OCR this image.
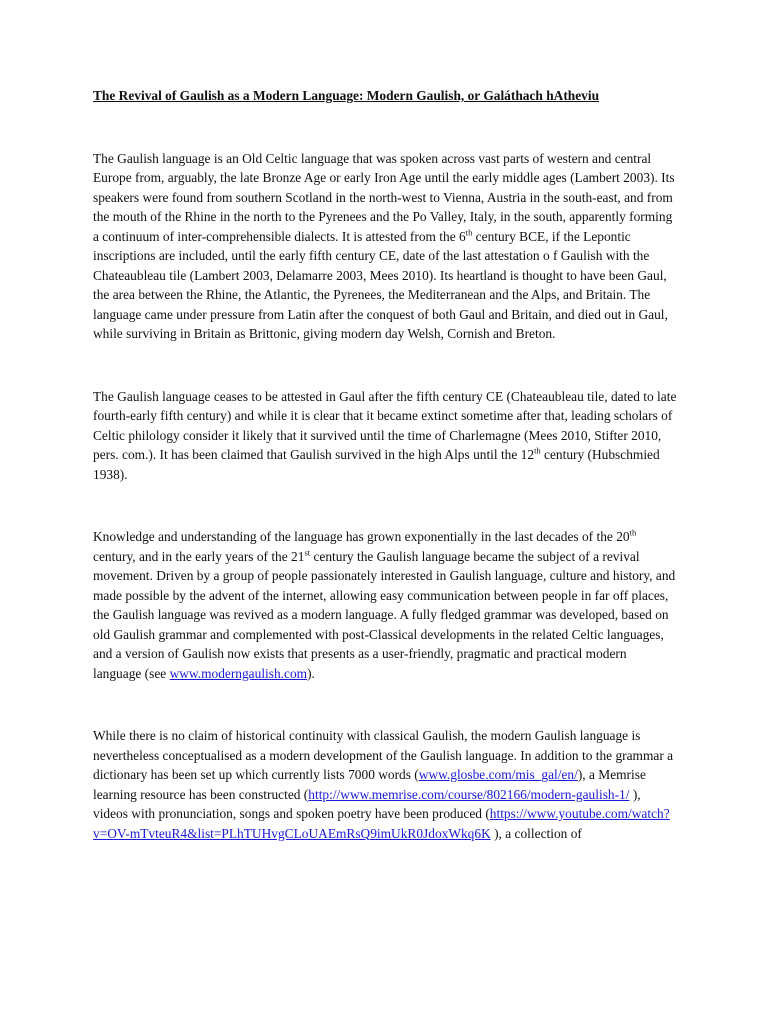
The Revival of Gaulish as a Modern Language: Modern Gaulish, or Galáthach hAtheviu

The Gaulish language is an Old Celtic language that was spoken across vast parts of western and central Europe from, arguably, the late Bronze Age or early Iron Age until the early middle ages (Lambert 2003). Its speakers were found from southern Scotland in the north-west to Vienna, Austria in the south-east, and from the mouth of the Rhine in the north to the Pyrenees and the Po Valley, Italy, in the south, apparently forming a continuum of inter-comprehensible dialects. It is attested from the 6th century BCE, if the Lepontic inscriptions are included, until the early fifth century CE, date of the last attestation o f Gaulish with the Chateaubleau tile (Lambert 2003, Delamarre 2003, Mees 2010). Its heartland is thought to have been Gaul, the area between the Rhine, the Atlantic, the Pyrenees, the Mediterranean and the Alps, and Britain. The language came under pressure from Latin after the conquest of both Gaul and Britain, and died out in Gaul, while surviving in Britain as Brittonic, giving modern day Welsh, Cornish and Breton.

The Gaulish language ceases to be attested in Gaul after the fifth century CE (Chateaubleau tile, dated to late fourth-early fifth century) and while it is clear that it became extinct sometime after that, leading scholars of Celtic philology consider it likely that it survived until the time of Charlemagne (Mees 2010, Stifter 2010, pers. com.). It has been claimed that Gaulish survived in the high Alps until the 12th century (Hubschmied 1938).

Knowledge and understanding of the language has grown exponentially in the last decades of the 20th century, and in the early years of the 21st century the Gaulish language became the subject of a revival movement. Driven by a group of people passionately interested in Gaulish language, culture and history, and made possible by the advent of the internet, allowing easy communication between people in far off places, the Gaulish language was revived as a modern language. A fully fledged grammar was developed, based on old Gaulish grammar and complemented with post-Classical developments in the related Celtic languages, and a version of Gaulish now exists that presents as a user-friendly, pragmatic and practical modern language (see www.moderngaulish.com).

While there is no claim of historical continuity with classical Gaulish, the modern Gaulish language is nevertheless conceptualised as a modern development of the Gaulish language. In addition to the grammar a dictionary has been set up which currently lists 7000 words (www.glosbe.com/mis_gal/en/), a Memrise learning resource has been constructed (http://www.memrise.com/course/802166/modern-gaulish-1/ ), videos with pronunciation, songs and spoken poetry have been produced (https://www.youtube.com/watch?v=OV-mTvteuR4&list=PLhTUHvgCLoUAEmRsQ9imUkR0JdoxWkq6K ), a collection of
